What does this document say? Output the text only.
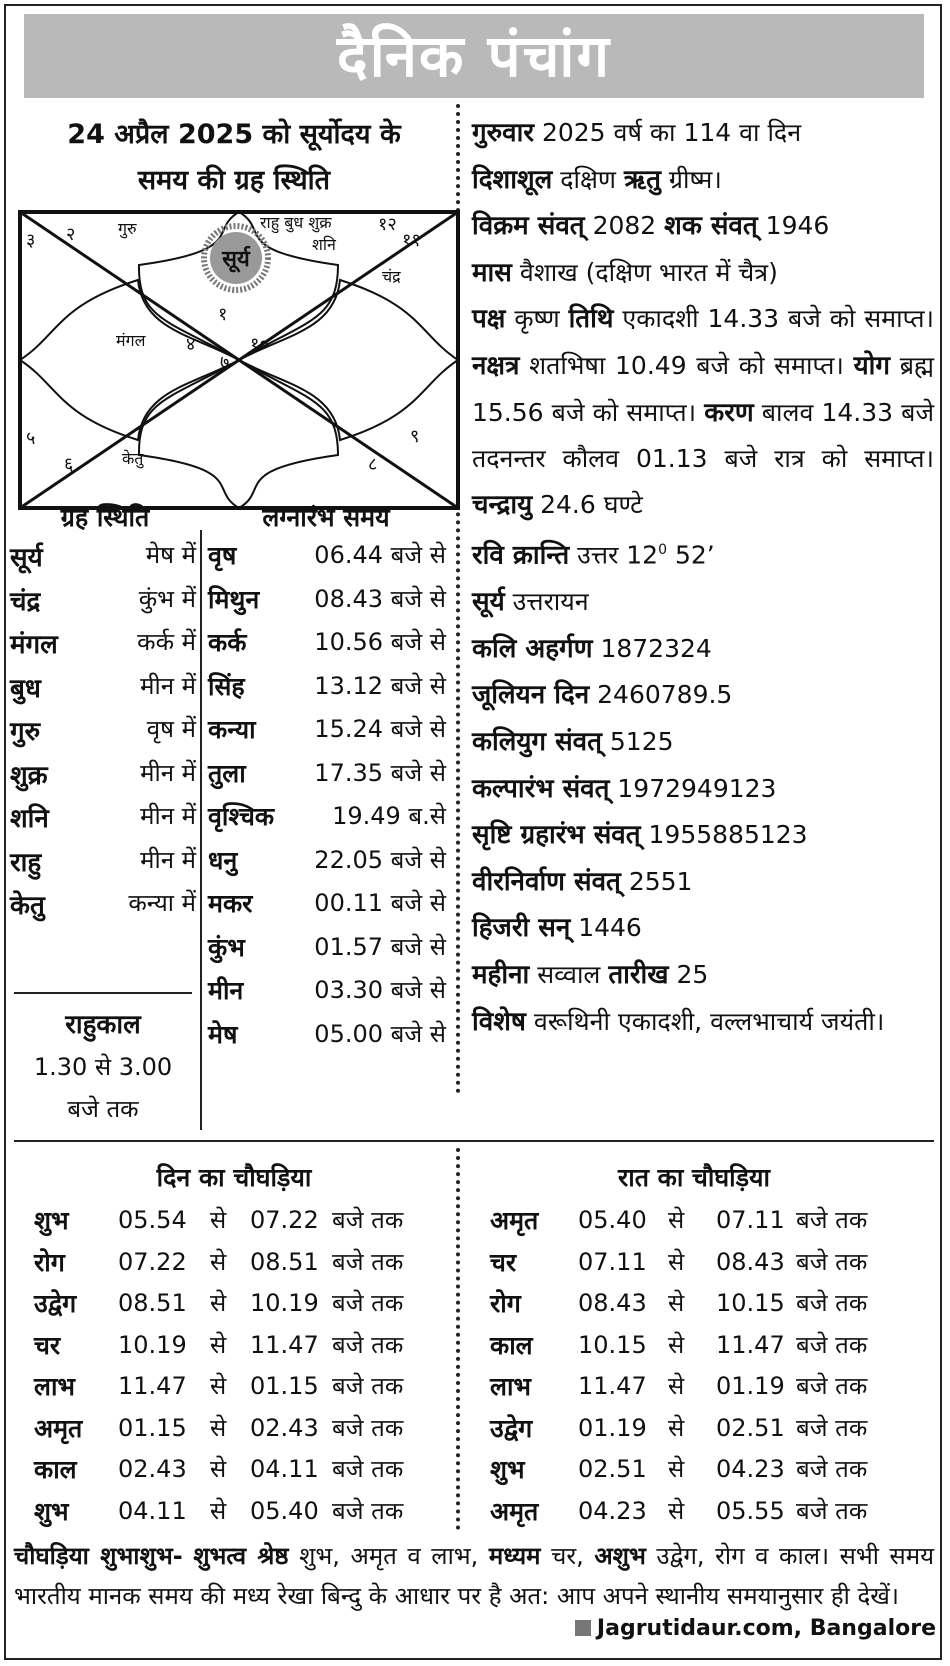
दैनिक पंचांग
24 अप्रैल 2025 को सूर्योदय के
समय की ग्रह स्थिति
सूर्य
१
२
३
४
५
६
७
८
९
१०
११
१२
गुरु	राहु बुध शुक्र
शनि
चंद्र
मंगल
केतु
ग्रह स्थिति
सूर्य	मेष में
चंद्र	कुंभ में
मंगल	कर्क में
बुध	मीन में
गुरु	वृष में
शुक्र	मीन में
शनि	मीन में
राहु	मीन में
केतु	कन्या में
राहुकाल
1.30 से 3.00
बजे तक
लग्नारंभ समय
वृष	06.44 बजे से
मिथुन 08.43 बजे से
कर्क	10.56 बजे से
सिंह	13.12 बजे से
कन्या 15.24 बजे से
तुला	17.35 बजे से
वृश्चिक 19.49 ब.से
धनु	22.05 बजे से
मकर	00.11 बजे से
कुंभ	01.57 बजे से
मीन	03.30 बजे से
मेष	05.00 बजे से

गुरुवार 2025 वर्ष का 114 वा दिन

दिशाशूल दक्षिण ऋतु ग्रीष्म।

विक्रम संवत् 2082 शक संवत् 1946

मास वैशाख (दक्षिण भारत में चैत्र)

पक्ष कृष्ण तिथि एकादशी 14.33 बजे को समाप्त। नक्षत्र शतभिषा 10.49 बजे को समाप्त। योग ब्रह्म 15.56 बजे को समाप्त। करण बालव 14.33 बजे तदनन्तर कौलव 01.13 बजे रात्र को समाप्त। चन्द्रायु 24.6 घण्टे

रवि क्रान्ति उत्तर $12^0$ 52’

सूर्य उत्तरायन

कलि अहर्गण 1872324

जूलियन दिन 2460789.5

कलियुग संवत् 5125

कल्पारंभ संवत् 1972949123

सृष्टि ग्रहारंभ संवत् 1955885123

वीरनिर्वाण संवत् 2551

हिजरी सन् 1446

महीना सव्वाल तारीख 25

विशेष वरूथिनी एकादशी, वल्लभाचार्य जयंती।

दिन का चौघड़िया	रात का चौघड़िया
शुभ 05.54 से 07.22 बजे तक
रोग 07.22 से 08.51 बजे तक
उद्वेग 08.51 से 10.19 बजे तक
चर 10.19 से 11.47 बजे तक
लाभ 11.47 से 01.15 बजे तक
अमृत 01.15 से 02.43 बजे तक
काल 02.43 से 04.11 बजे तक
शुभ 04.11 से 05.40 बजे तक
अमृत 05.40 से 07.11 बजे तक
चर	07.11 से 08.43 बजे तक
रोग 08.43 से 10.15 बजे तक
काल 10.15 से 11.47 बजे तक
लाभ 11.47 से 01.19 बजे तक
उद्वेग 01.19 से 02.51 बजे तक
शुभ 02.51 से 04.23 बजे तक
अमृत 04.23 से 05.55 बजे तक
चौघड़िया शुभाशुभ- शुभत्व श्रेष्ठ शुभ, अमृत व लाभ, मध्यम चर, अशुभ उद्वेग, रोग व काल। सभी समय भारतीय मानक समय की मध्य रेखा बिन्दु के आधार पर है अत: आप अपने स्थानीय समयानुसार ही देखें।
Jagrutidaur.com, Bangalore
